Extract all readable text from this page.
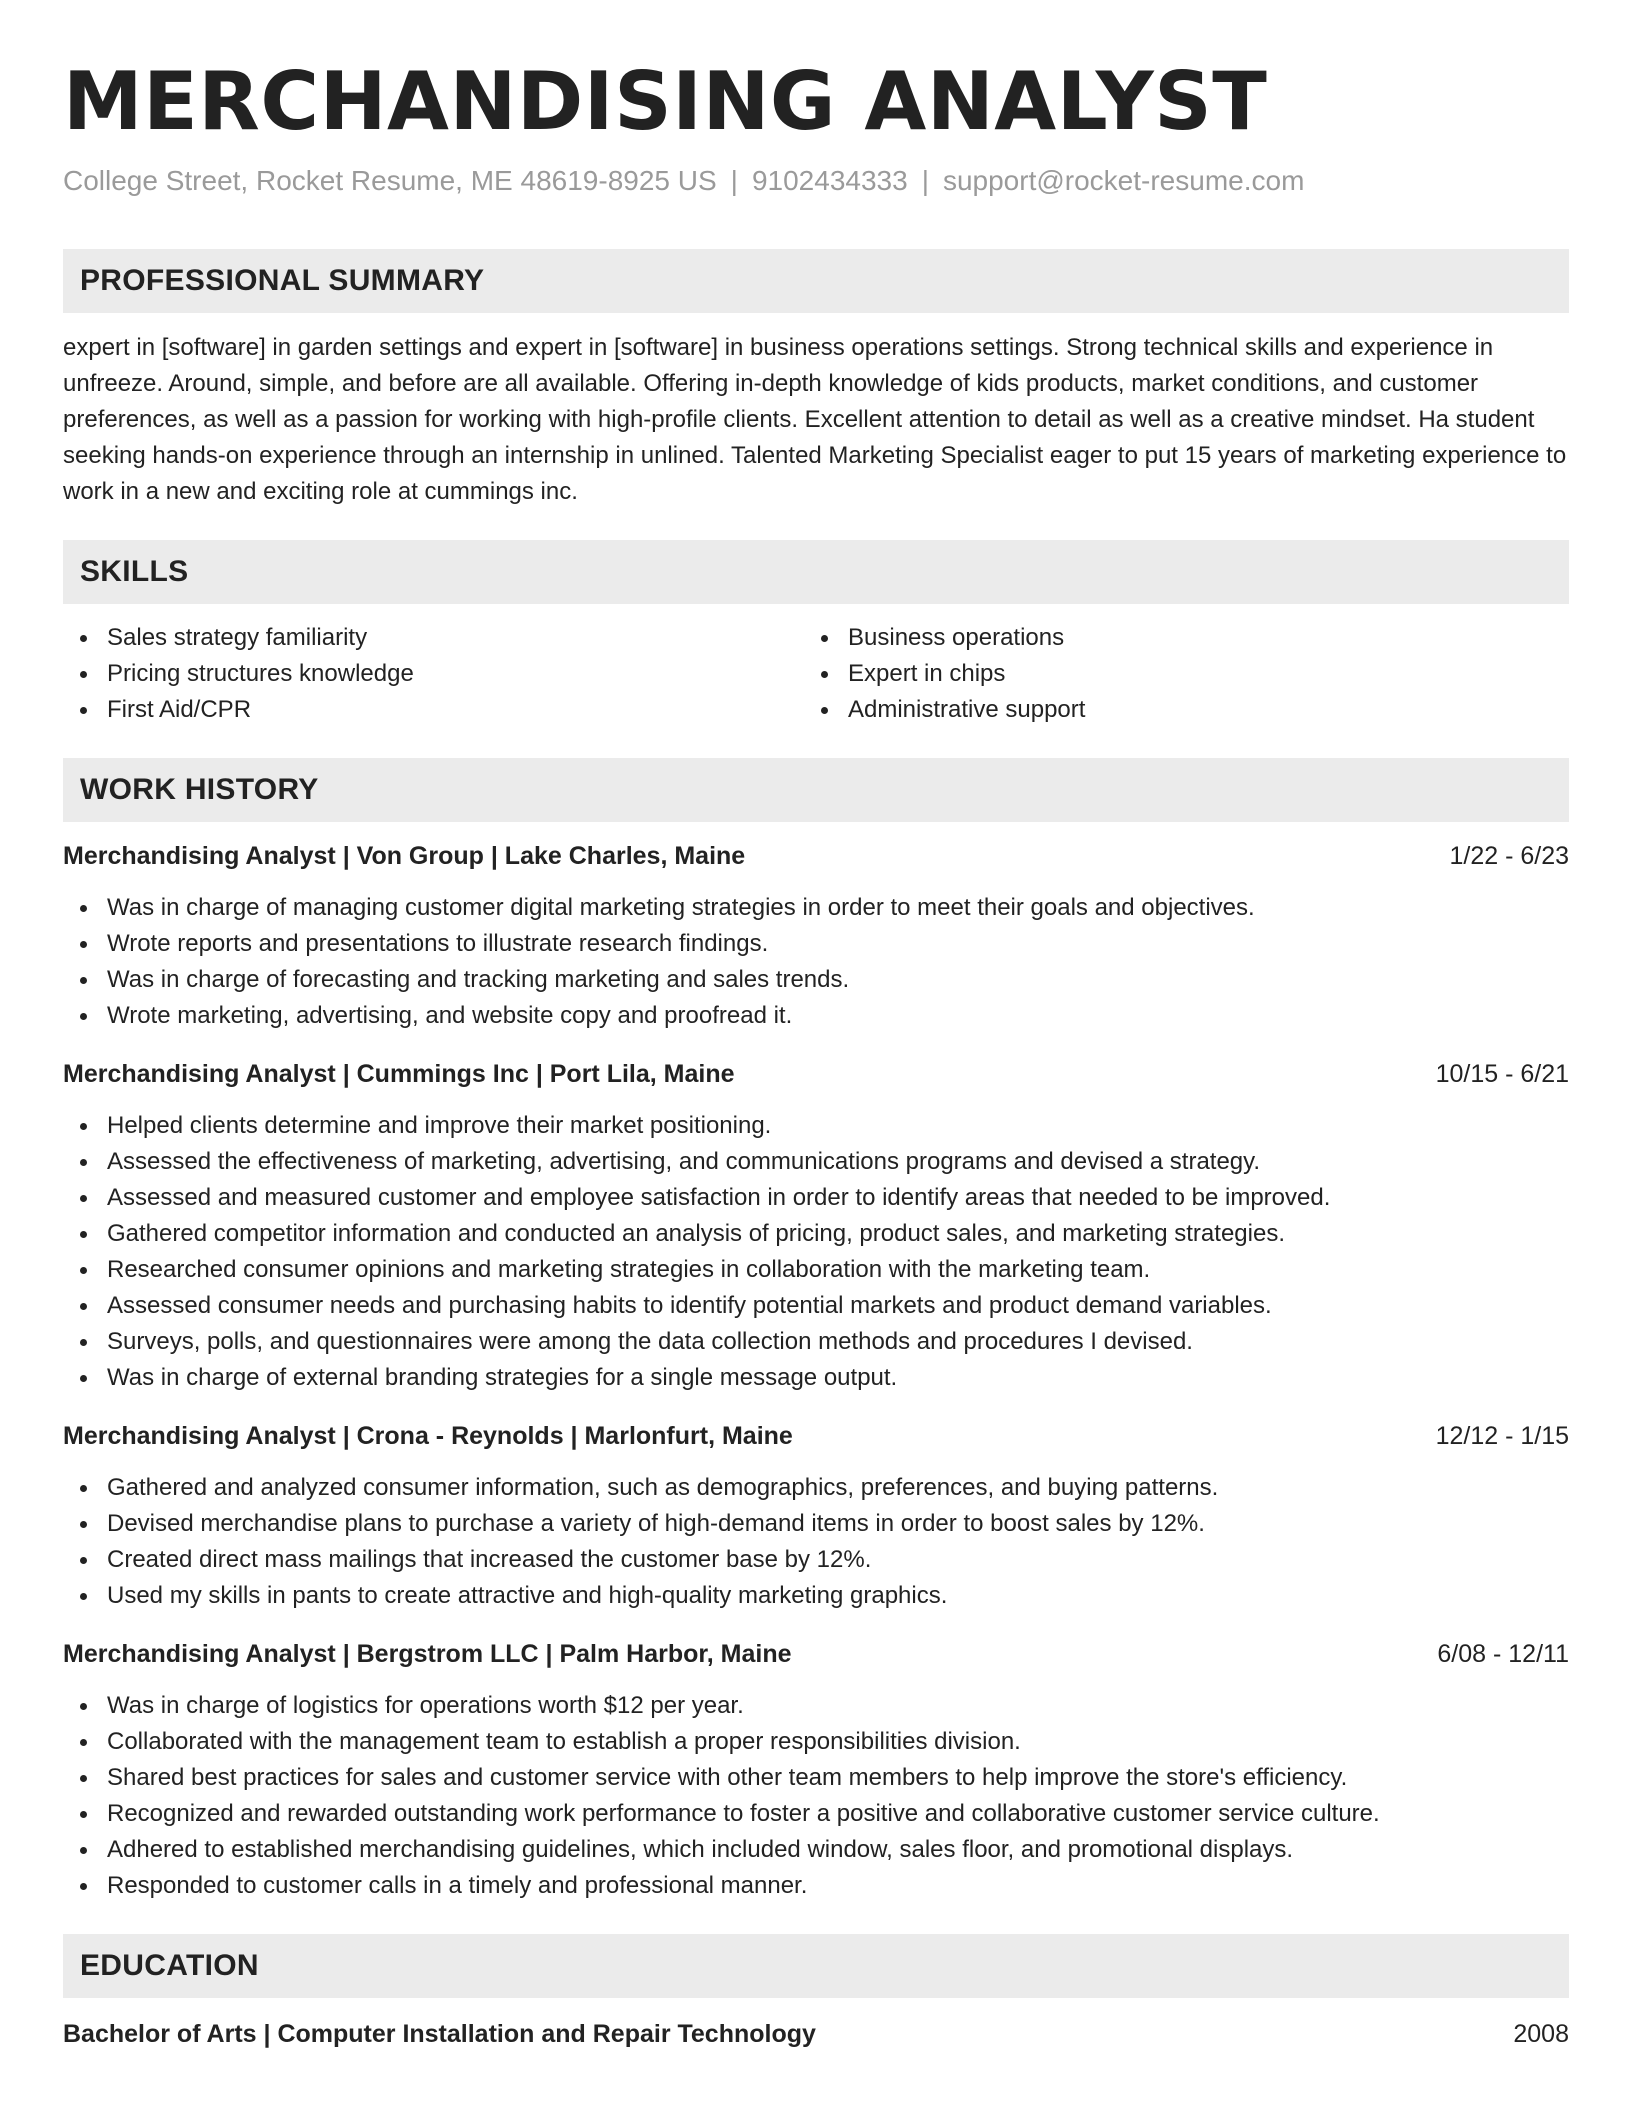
MERCHANDISING ANALYST
College Street, Rocket Resume, ME 48619-8925 US | 9102434333 | support@rocket-resume.com
PROFESSIONAL SUMMARY

expert in [software] in garden settings and expert in [software] in business operations settings. Strong technical skills and experience in unfreeze. Around, simple, and before are all available. Offering in-depth knowledge of kids products, market conditions, and customer preferences, as well as a passion for working with high-profile clients. Excellent attention to detail as well as a creative mindset. Ha student seeking hands-on experience through an internship in unlined. Talented Marketing Specialist eager to put 15 years of marketing experience to work in a new and exciting role at cummings inc.

SKILLS
Sales strategy familiarity
Pricing structures knowledge
First Aid/CPR
Business operations
Expert in chips
Administrative support
WORK HISTORY
Merchandising Analyst | Von Group | Lake Charles, Maine	1/22 - 6/23
Was in charge of managing customer digital marketing strategies in order to meet their goals and objectives.
Wrote reports and presentations to illustrate research findings.
Was in charge of forecasting and tracking marketing and sales trends.
Wrote marketing, advertising, and website copy and proofread it.
Merchandising Analyst | Cummings Inc | Port Lila, Maine	10/15 - 6/21
Helped clients determine and improve their market positioning.
Assessed the effectiveness of marketing, advertising, and communications programs and devised a strategy.
Assessed and measured customer and employee satisfaction in order to identify areas that needed to be improved.
Gathered competitor information and conducted an analysis of pricing, product sales, and marketing strategies.
Researched consumer opinions and marketing strategies in collaboration with the marketing team.
Assessed consumer needs and purchasing habits to identify potential markets and product demand variables.
Surveys, polls, and questionnaires were among the data collection methods and procedures I devised.
Was in charge of external branding strategies for a single message output.
Merchandising Analyst | Crona - Reynolds | Marlonfurt, Maine	12/12 - 1/15
Gathered and analyzed consumer information, such as demographics, preferences, and buying patterns.
Devised merchandise plans to purchase a variety of high-demand items in order to boost sales by 12%.
Created direct mass mailings that increased the customer base by 12%.
Used my skills in pants to create attractive and high-quality marketing graphics.
Merchandising Analyst | Bergstrom LLC | Palm Harbor, Maine	6/08 - 12/11
Was in charge of logistics for operations worth $12 per year.
Collaborated with the management team to establish a proper responsibilities division.
Shared best practices for sales and customer service with other team members to help improve the store's efficiency.
Recognized and rewarded outstanding work performance to foster a positive and collaborative customer service culture.
Adhered to established merchandising guidelines, which included window, sales floor, and promotional displays.
Responded to customer calls in a timely and professional manner.
EDUCATION
Bachelor of Arts | Computer Installation and Repair Technology	2008
